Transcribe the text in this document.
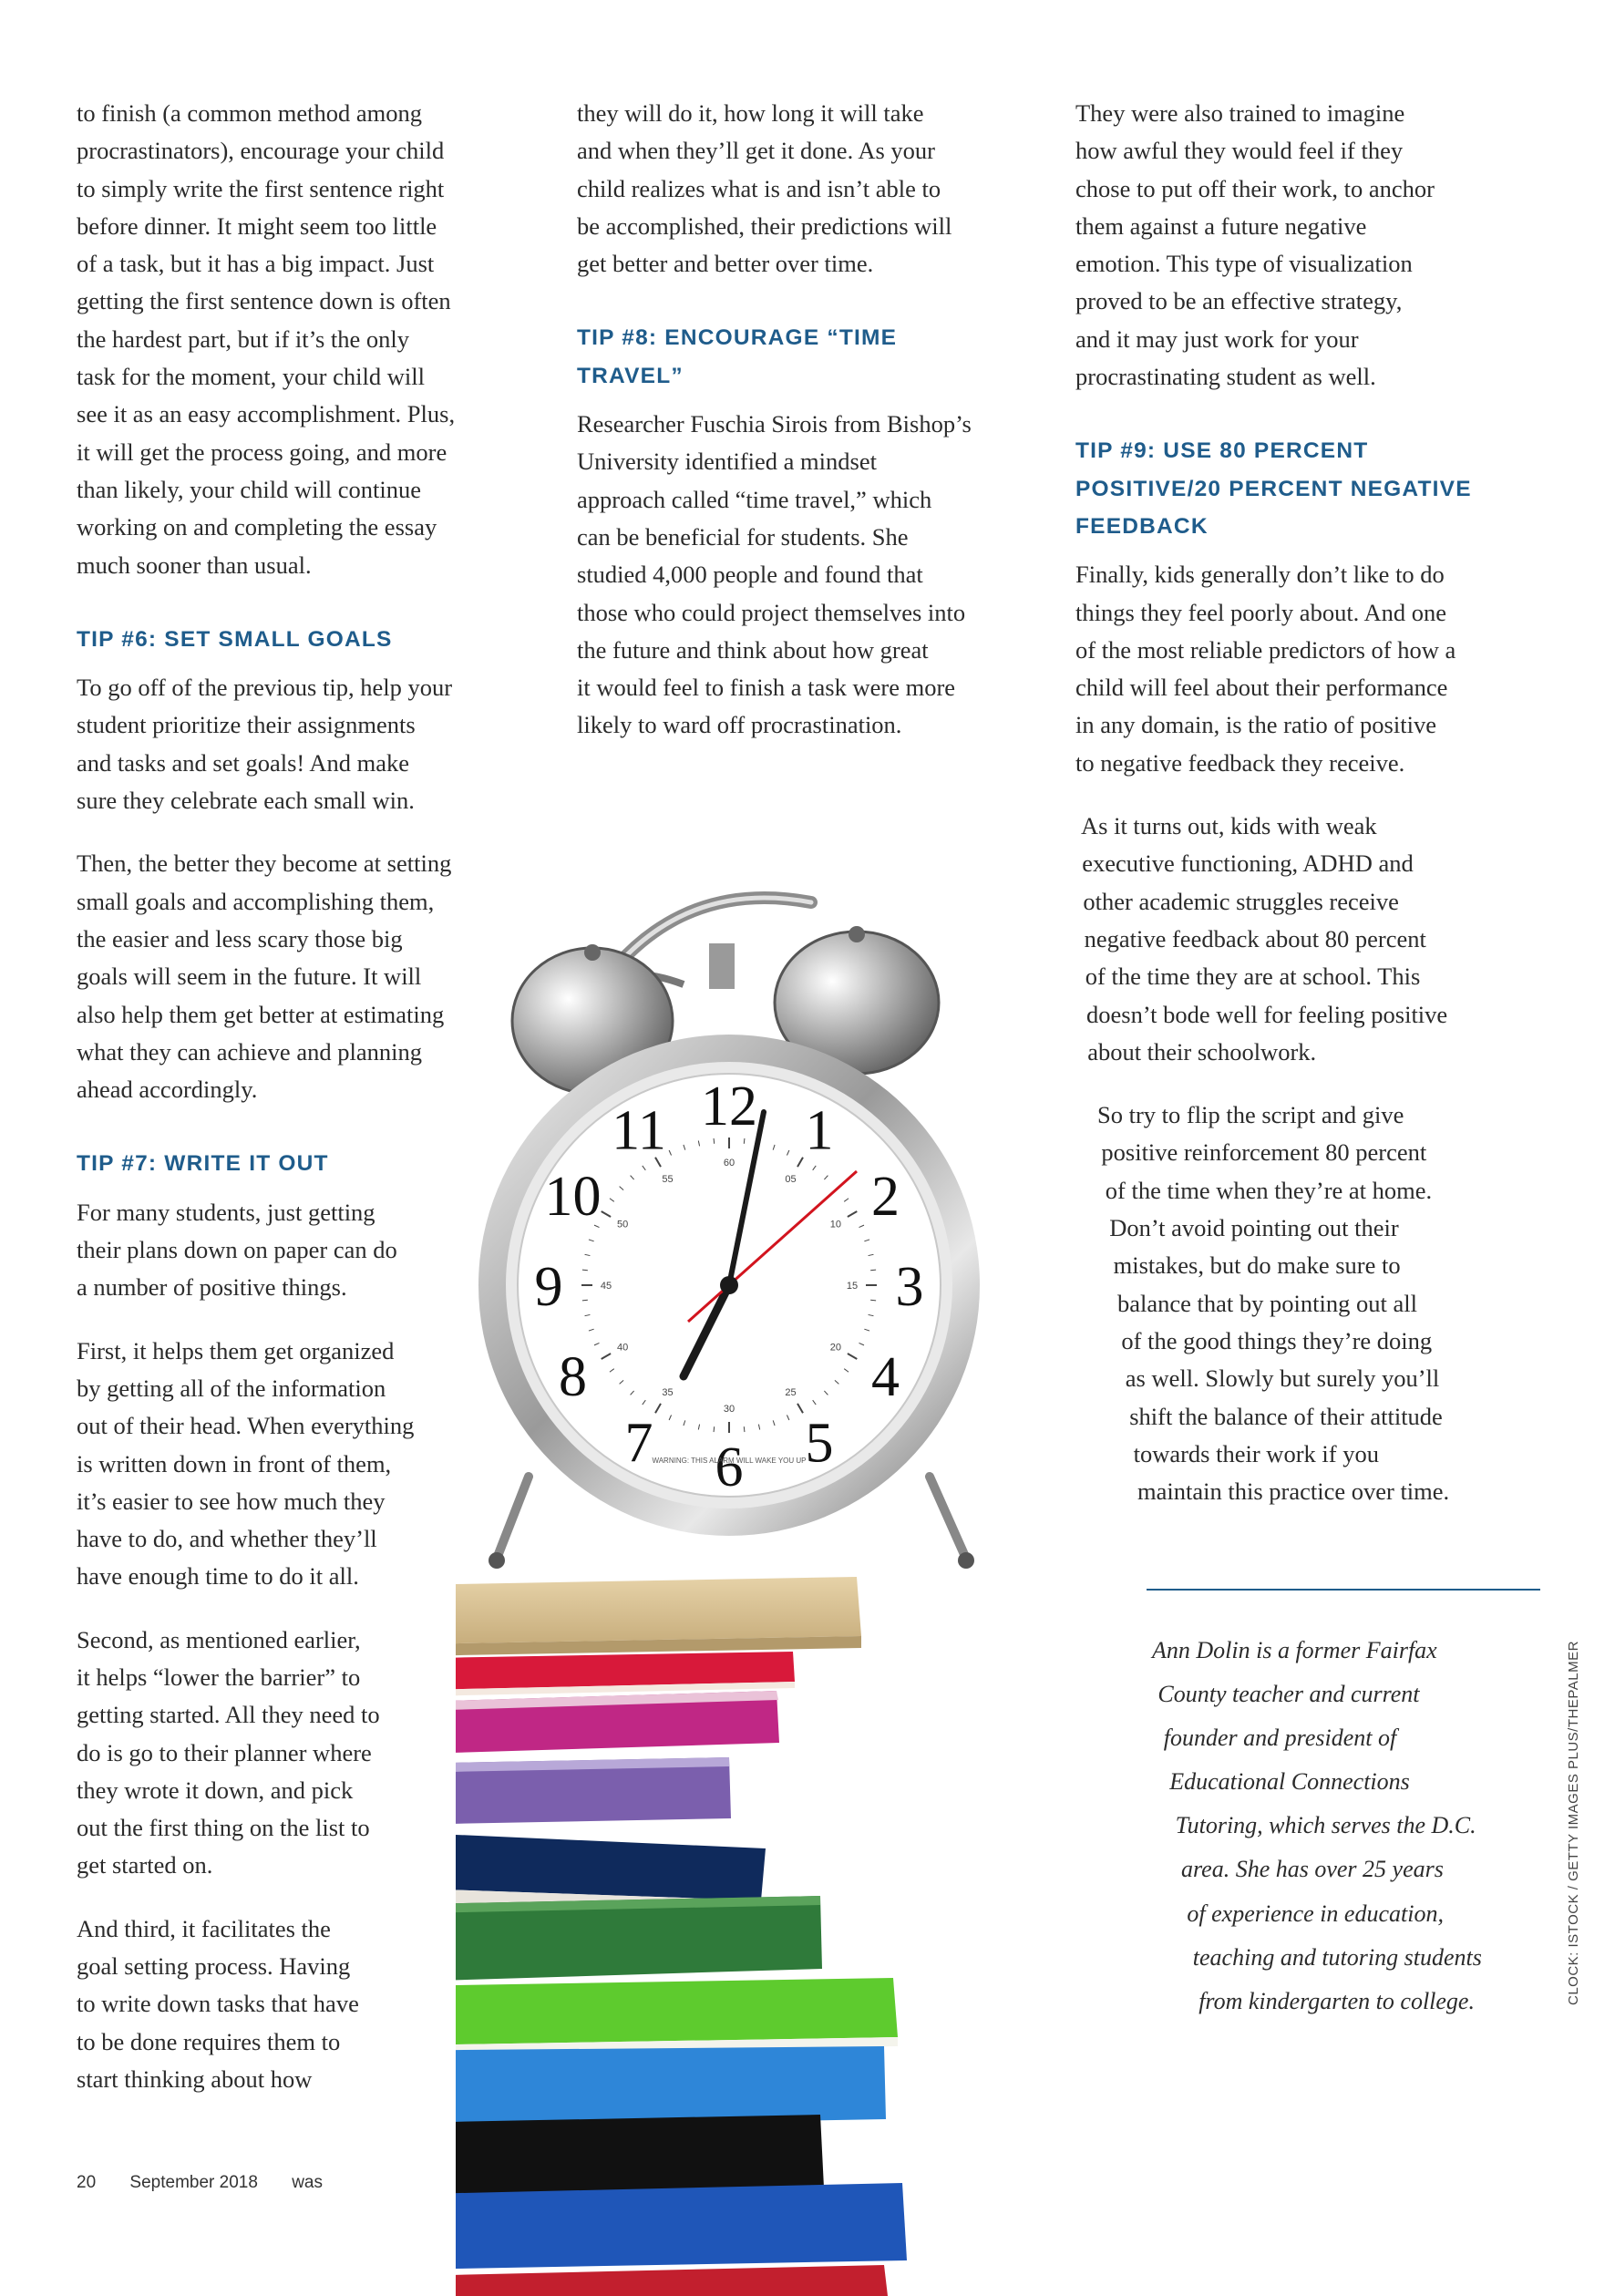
to finish (a common method among

procrastinators), encourage your child

to simply write the first sentence right

before dinner. It might seem too little

of a task, but it has a big impact. Just

getting the first sentence down is often

the hardest part, but if it’s the only

task for the moment, your child will

see it as an easy accomplishment. Plus,

it will get the process going, and more

than likely, your child will continue

working on and completing the essay

much sooner than usual.

TIP #6: SET SMALL GOALS

To go off of the previous tip, help your

student prioritize their assignments

and tasks and set goals! And make

sure they celebrate each small win.

Then, the better they become at setting

small goals and accomplishing them,

the easier and less scary those big

goals will seem in the future. It will

also help them get better at estimating

what they can achieve and planning

ahead accordingly.

TIP #7: WRITE IT OUT

For many students, just getting

their plans down on paper can do

a number of positive things.

First, it helps them get organized

by getting all of the information

out of their head. When everything

is written down in front of them,

it’s easier to see how much they

have to do, and whether they’ll

have enough time to do it all.

Second, as mentioned earlier,

it helps “lower the barrier” to

getting started. All they need to

do is go to their planner where

they wrote it down, and pick

out the first thing on the list to

get started on.

And third, it facilitates the

goal setting process. Having

to write down tasks that have

to be done requires them to

start thinking about how

they will do it, how long it will take

and when they’ll get it done. As your

child realizes what is and isn’t able to

be accomplished, their predictions will

get better and better over time.

TIP #8: ENCOURAGE “TIME

TRAVEL”

Researcher Fuschia Sirois from Bishop’s

University identified a mindset

approach called “time travel,” which

can be beneficial for students. She

studied 4,000 people and found that

those who could project themselves into

the future and think about how great

it would feel to finish a task were more

likely to ward off procrastination.

They were also trained to imagine

how awful they would feel if they

chose to put off their work, to anchor

them against a future negative

emotion. This type of visualization

proved to be an effective strategy,

and it may just work for your

procrastinating student as well.

TIP #9: USE 80 PERCENT

POSITIVE/20 PERCENT NEGATIVE

FEEDBACK

Finally, kids generally don’t like to do

things they feel poorly about. And one

of the most reliable predictors of how a

child will feel about their performance

in any domain, is the ratio of positive

to negative feedback they receive.

As it turns out, kids with weak

executive functioning, ADHD and

other academic struggles receive

negative feedback about 80 percent

of the time they are at school. This

doesn’t bode well for feeling positive

about their schoolwork.

So try to flip the script and give

positive reinforcement 80 percent

of the time when they’re at home.

Don’t avoid pointing out their

mistakes, but do make sure to

balance that by pointing out all

of the good things they’re doing

as well. Slowly but surely you’ll

shift the balance of their attitude

towards their work if you

maintain this practice over time.

60
05
10
15
20
25
30
35
40
45
50
55
12 1
2
3
4
5
6
7
8
9
10
11
WARNING: THIS ALARM WILL WAKE YOU UP

Ann Dolin is a former Fairfax

County teacher and current

founder and president of

Educational Connections

Tutoring, which serves the D.C.

area. She has over 25 years

of experience in education,

teaching and tutoring students

from kindergarten to college.	CLOCK: ISTOCK / GETTY IMAGES PLUS/THEPALMER
20 September 2018 was
